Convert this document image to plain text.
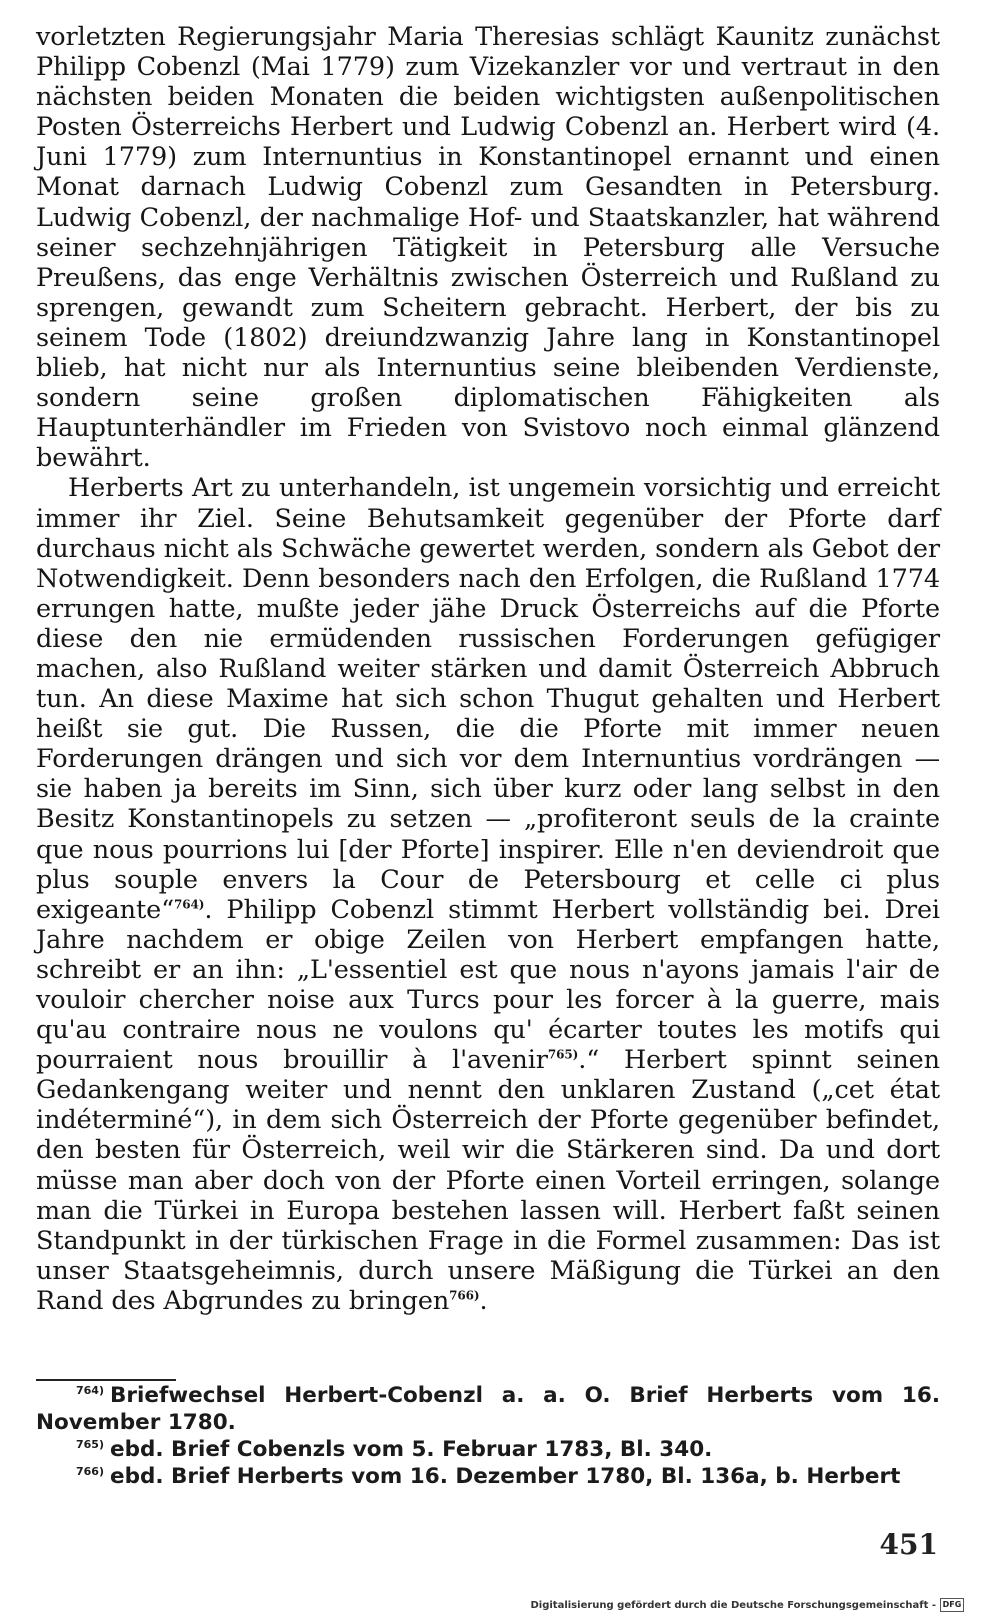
vorletzten Regierungsjahr Maria Theresias schlägt Kaunitz zunächst Philipp Cobenzl (Mai 1779) zum Vizekanzler vor und vertraut in den nächsten beiden Monaten die beiden wichtigsten außenpolitischen Posten Österreichs Herbert und Ludwig Cobenzl an. Herbert wird (4. Juni 1779) zum Internuntius in Konstantinopel ernannt und einen Monat darnach Ludwig Cobenzl zum Gesandten in Petersburg. Ludwig Cobenzl, der nachmalige Hof- und Staatskanzler, hat während seiner sechzehnjährigen Tätigkeit in Petersburg alle Versuche Preußens, das enge Verhältnis zwischen Österreich und Rußland zu sprengen, gewandt zum Scheitern gebracht. Herbert, der bis zu seinem Tode (1802) dreiundzwanzig Jahre lang in Konstantinopel blieb, hat nicht nur als Internuntius seine bleibenden Verdienste, sondern seine großen diplomatischen Fähigkeiten als Hauptunterhändler im Frieden von Svistovo noch einmal glänzend bewährt.

Herberts Art zu unterhandeln, ist ungemein vorsichtig und erreicht immer ihr Ziel. Seine Behutsamkeit gegenüber der Pforte darf durchaus nicht als Schwäche gewertet werden, sondern als Gebot der Notwendigkeit. Denn besonders nach den Erfolgen, die Rußland 1774 errungen hatte, mußte jeder jähe Druck Österreichs auf die Pforte diese den nie ermüdenden russischen Forderungen gefügiger machen, also Rußland weiter stärken und damit Österreich Abbruch tun. An diese Maxime hat sich schon Thugut gehalten und Herbert heißt sie gut. Die Russen, die die Pforte mit immer neuen Forderungen drängen und sich vor dem Internuntius vordrängen — sie haben ja bereits im Sinn, sich über kurz oder lang selbst in den Besitz Konstantinopels zu setzen — „profiteront seuls de la crainte que nous pourrions lui [der Pforte] inspirer. Elle n'en deviendroit que plus souple envers la Cour de Petersbourg et celle ci plus exigeante“$^{764)}$. Philipp Cobenzl stimmt Herbert vollständig bei. Drei Jahre nachdem er obige Zeilen von Herbert empfangen hatte, schreibt er an ihn: „L'essentiel est que nous n'ayons jamais l'air de vouloir chercher noise aux Turcs pour les forcer à la guerre, mais qu'au contraire nous ne voulons qu' écarter toutes les motifs qui pourraient nous brouillir à l'avenir$^{765)}$.“ Herbert spinnt seinen Gedankengang weiter und nennt den unklaren Zustand („cet état indéterminé“), in dem sich Österreich der Pforte gegenüber befindet, den besten für Österreich, weil wir die Stärkeren sind. Da und dort müsse man aber doch von der Pforte einen Vorteil erringen, solange man die Türkei in Europa bestehen lassen will. Herbert faßt seinen Standpunkt in der türkischen Frage in die Formel zusammen: Das ist unser Staatsgeheimnis, durch unsere Mäßigung die Türkei an den Rand des Abgrundes zu bringen$^{766)}$.

$^{764)}$ Briefwechsel Herbert-Cobenzl a. a. O. Brief Herberts vom 16. November 1780.

$^{765)}$ ebd. Brief Cobenzls vom 5. Februar 1783, Bl. 340.

$^{766)}$ ebd. Brief Herberts vom 16. Dezember 1780, Bl. 136a, b. Herbert

451
Digitalisierung gefördert durch die Deutsche Forschungsgemeinschaft - DFG
